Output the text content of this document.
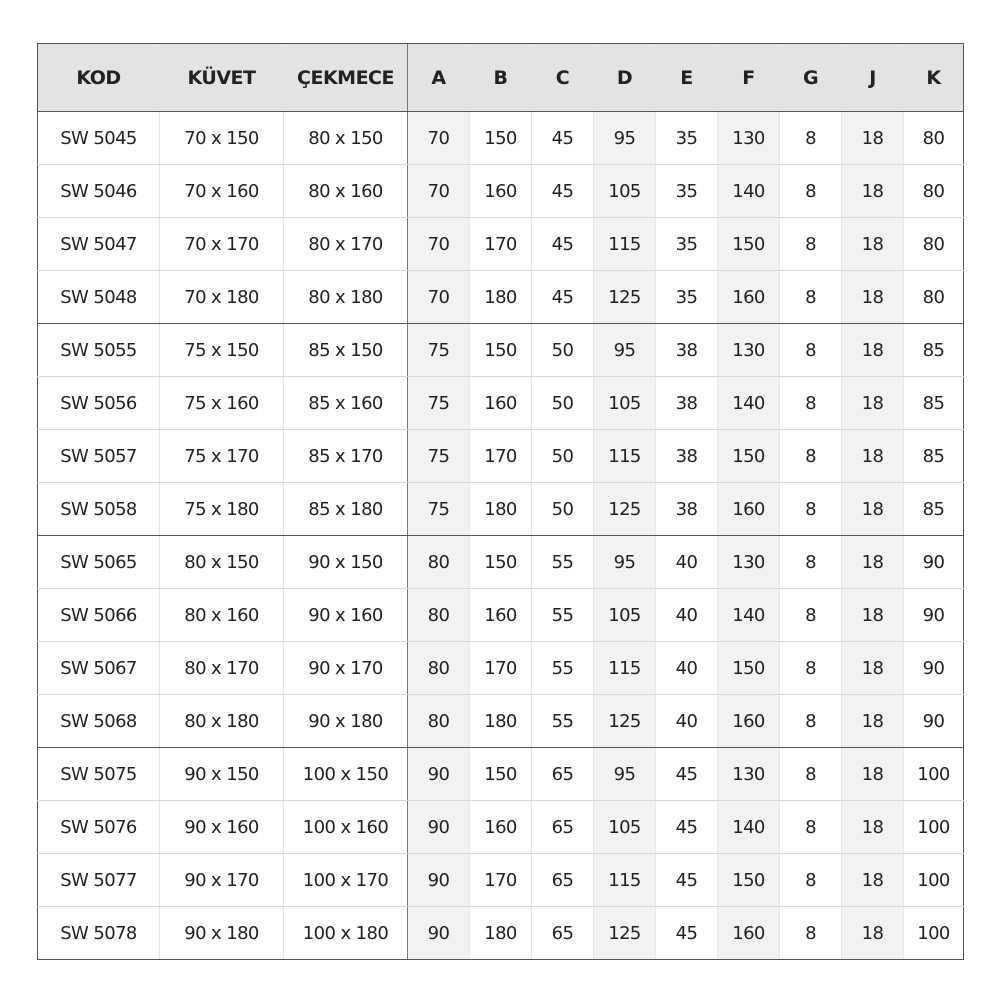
KOD	KÜVET	ÇEKMECE	A	B	C	D	E	F	G	J	K
SW 5045	70 x 150	80 x 150	70	150	45	95	35	130	8	18	80
SW 5046	70 x 160	80 x 160	70	160	45	105	35	140	8	18	80
SW 5047	70 x 170	80 x 170	70	170	45	115	35	150	8	18	80
SW 5048	70 x 180	80 x 180	70	180	45	125	35	160	8	18	80
SW 5055	75 x 150	85 x 150	75	150	50	95	38	130	8	18	85
SW 5056	75 x 160	85 x 160	75	160	50	105	38	140	8	18	85
SW 5057	75 x 170	85 x 170	75	170	50	115	38	150	8	18	85
SW 5058	75 x 180	85 x 180	75	180	50	125	38	160	8	18	85
SW 5065	80 x 150	90 x 150	80	150	55	95	40	130	8	18	90
SW 5066	80 x 160	90 x 160	80	160	55	105	40	140	8	18	90
SW 5067	80 x 170	90 x 170	80	170	55	115	40	150	8	18	90
SW 5068	80 x 180	90 x 180	80	180	55	125	40	160	8	18	90
SW 5075	90 x 150	100 x 150	90	150	65	95	45	130	8	18	100
SW 5076	90 x 160	100 x 160	90	160	65	105	45	140	8	18	100
SW 5077	90 x 170	100 x 170	90	170	65	115	45	150	8	18	100
SW 5078	90 x 180	100 x 180	90	180	65	125	45	160	8	18	100
